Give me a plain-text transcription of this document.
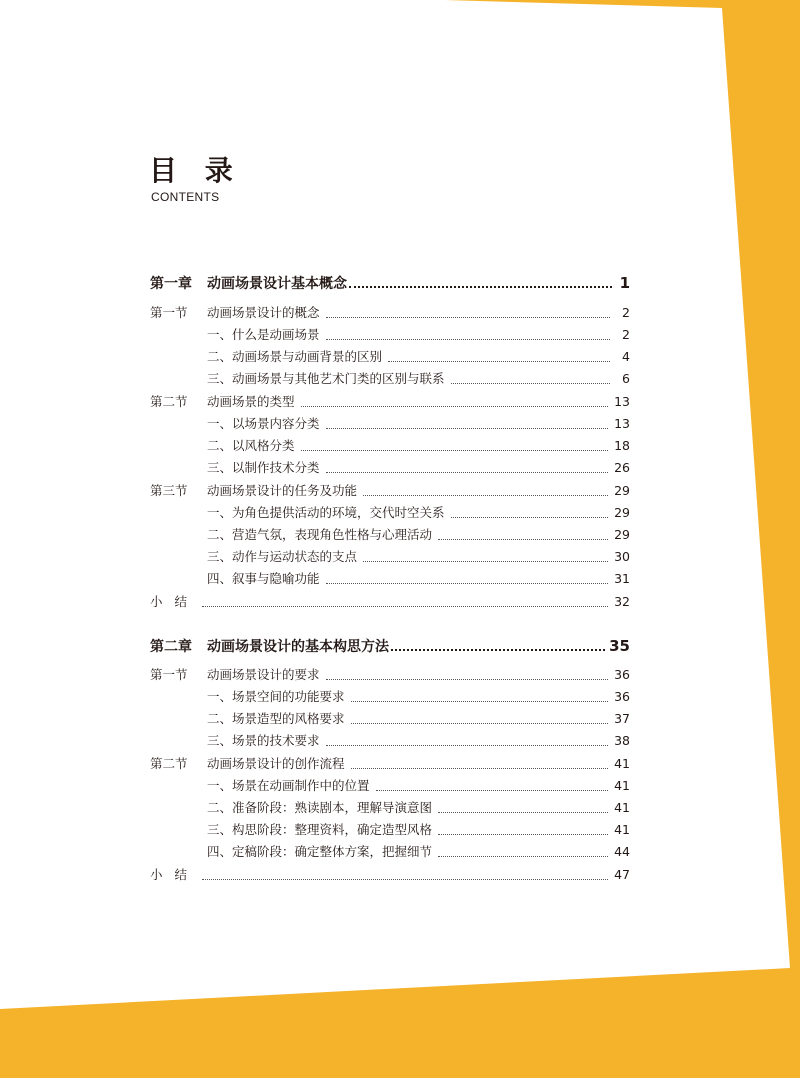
目 录
CONTENTS
第一章	动画场景设计基本概念	1
第一节	动画场景设计的概念	2
一、什么是动画场景	2
二、动画场景与动画背景的区别	4
三、动画场景与其他艺术门类的区别与联系	6
第二节	动画场景的类型	13
一、以场景内容分类	13
二、以风格分类	18
三、以制作技术分类	26
第三节	动画场景设计的任务及功能	29
一、为角色提供活动的环境，交代时空关系	29
二、营造气氛，表现角色性格与心理活动	29
三、动作与运动状态的支点	30
四、叙事与隐喻功能	31
小结	32
第二章	动画场景设计的基本构思方法	35
第一节	动画场景设计的要求	36
一、场景空间的功能要求	36
二、场景造型的风格要求	37
三、场景的技术要求	38
第二节	动画场景设计的创作流程	41
一、场景在动画制作中的位置	41
二、准备阶段：熟读剧本，理解导演意图	41
三、构思阶段：整理资料，确定造型风格	41
四、定稿阶段：确定整体方案，把握细节	44
小结	47
